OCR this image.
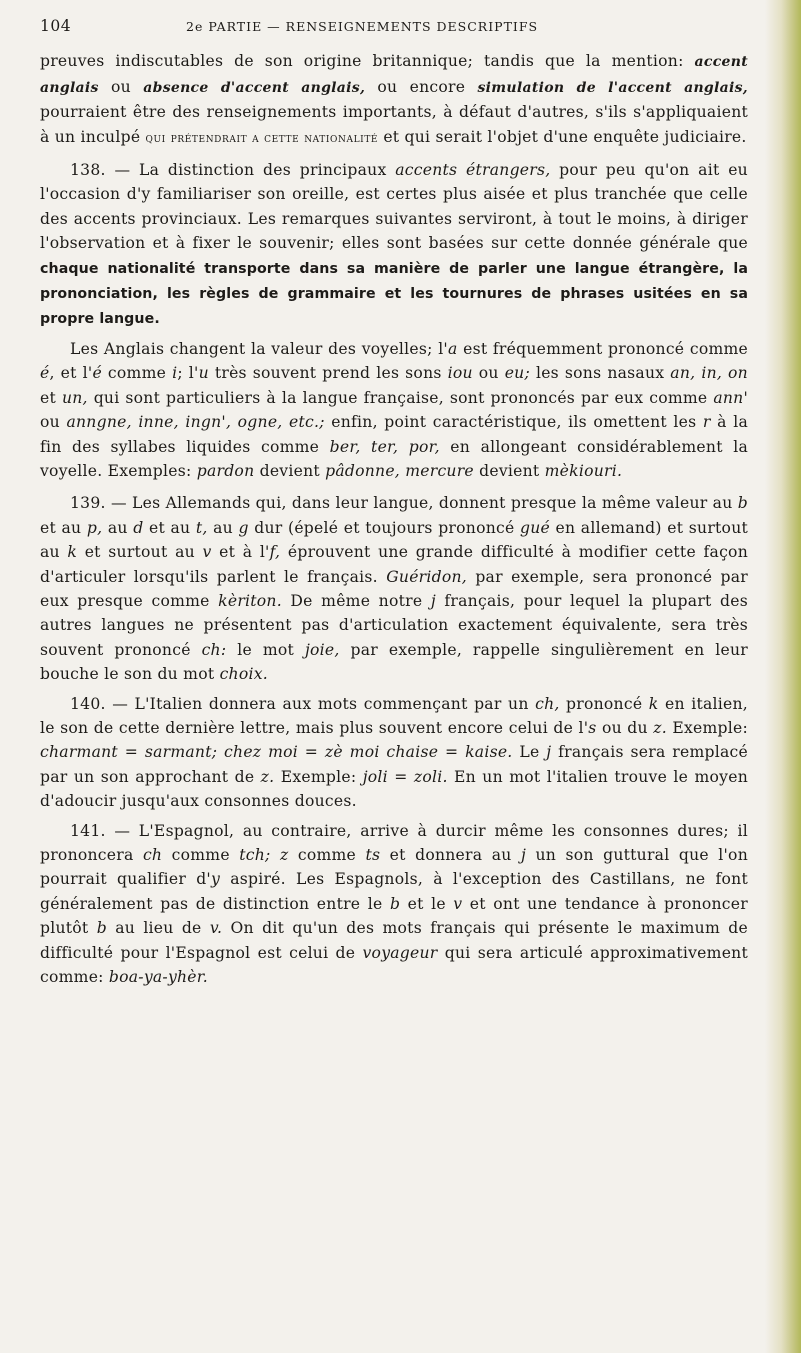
104	2e PARTIE — RENSEIGNEMENTS DESCRIPTIFS

preuves indiscutables de son origine britannique; tandis que la mention: accent anglais ou absence d'accent anglais, ou encore simulation de l'accent anglais, pourraient être des renseignements importants, à défaut d'autres, s'ils s'appliquaient à un inculpé qui prétendrait a cette nationalité et qui serait l'objet d'une enquête judiciaire.

138. — La distinction des principaux accents étrangers, pour peu qu'on ait eu l'occasion d'y familiariser son oreille, est certes plus aisée et plus tranchée que celle des accents provinciaux. Les remarques suivantes serviront, à tout le moins, à diriger l'observation et à fixer le souvenir; elles sont basées sur cette donnée générale que chaque nationalité transporte dans sa manière de parler une langue étrangère, la prononciation, les règles de grammaire et les tournures de phrases usitées en sa propre langue.

Les Anglais changent la valeur des voyelles; l'a est fréquemment prononcé comme é, et l'é comme i; l'u très souvent prend les sons iou ou eu; les sons nasaux an, in, on et un, qui sont particuliers à la langue française, sont prononcés par eux comme ann' ou anngne, inne, ingn', ogne, etc.; enfin, point caractéristique, ils omettent les r à la fin des syllabes liquides comme ber, ter, por, en allongeant considérablement la voyelle. Exemples: pardon devient pâdonne, mercure devient mèkiouri.

139. — Les Allemands qui, dans leur langue, donnent presque la même valeur au b et au p, au d et au t, au g dur (épelé et toujours prononcé gué en allemand) et surtout au k et surtout au v et à l'f, éprouvent une grande difficulté à modifier cette façon d'articuler lorsqu'ils parlent le français. Guéridon, par exemple, sera prononcé par eux presque comme kèriton. De même notre j français, pour lequel la plupart des autres langues ne présentent pas d'articulation exactement équivalente, sera très souvent prononcé ch: le mot joie, par exemple, rappelle singulièrement en leur bouche le son du mot choix.

140. — L'Italien donnera aux mots commençant par un ch, prononcé k en italien, le son de cette dernière lettre, mais plus souvent encore celui de l's ou du z. Exemple: charmant = sarmant; chez moi = zè moi chaise = kaise. Le j français sera remplacé par un son approchant de z. Exemple: joli = zoli. En un mot l'italien trouve le moyen d'adoucir jusqu'aux consonnes douces.

141. — L'Espagnol, au contraire, arrive à durcir même les consonnes dures; il prononcera ch comme tch; z comme ts et donnera au j un son guttural que l'on pourrait qualifier d'y aspiré. Les Espagnols, à l'exception des Castillans, ne font généralement pas de distinction entre le b et le v et ont une tendance à prononcer plutôt b au lieu de v. On dit qu'un des mots français qui présente le maximum de difficulté pour l'Espagnol est celui de voyageur qui sera articulé approximativement comme: boa-ya-yhèr.
